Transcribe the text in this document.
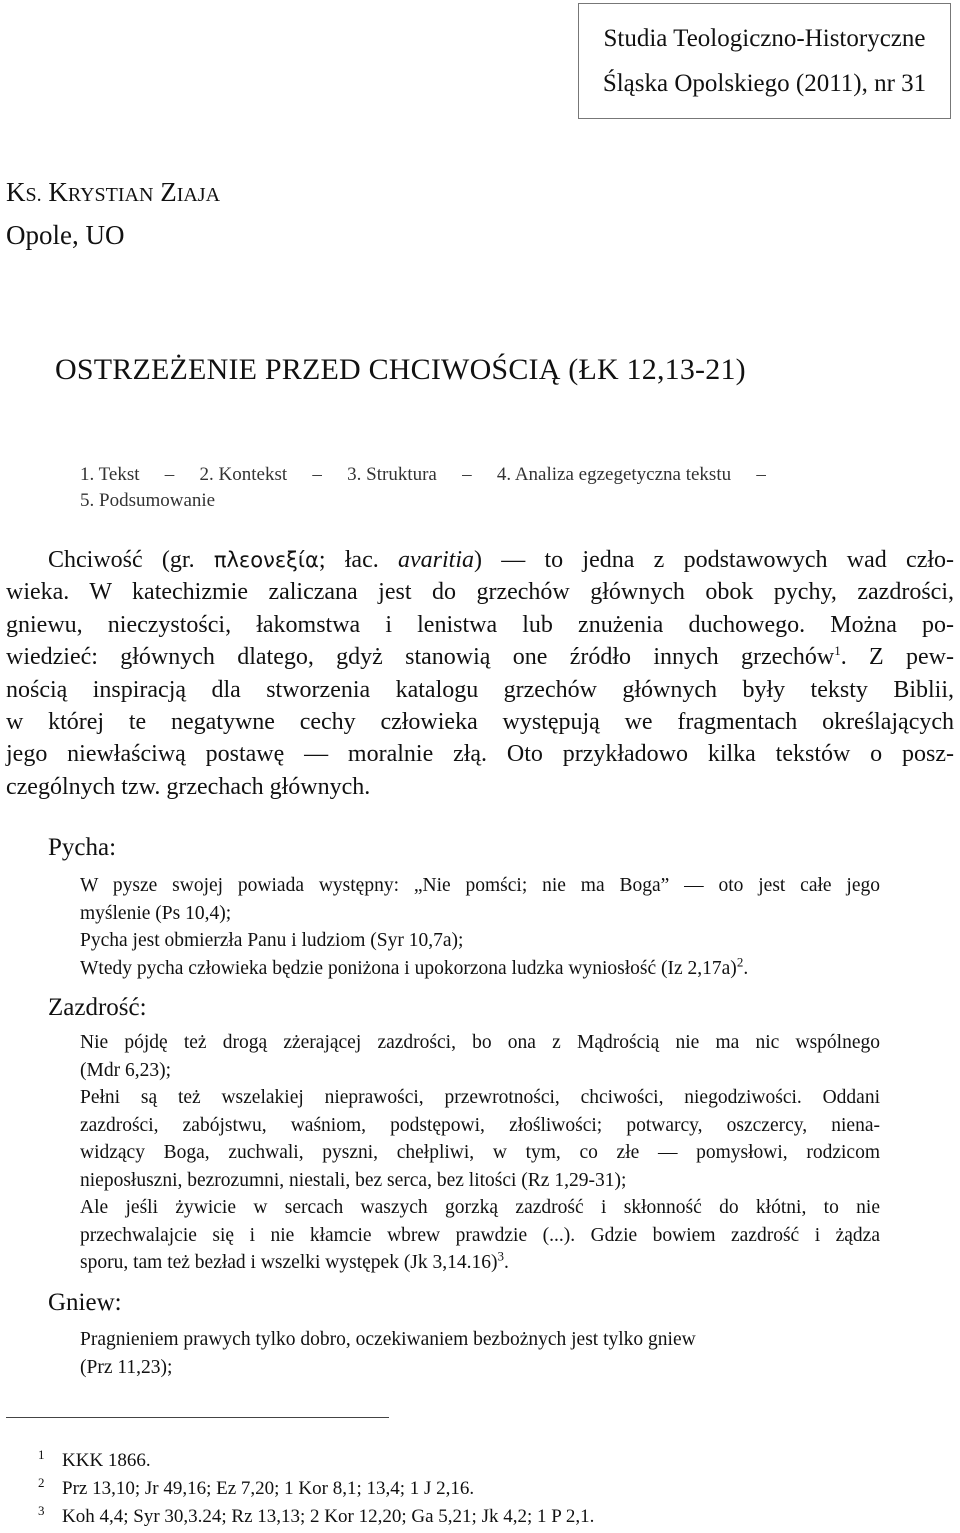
Studia Teologiczno-Historyczne
Śląska Opolskiego (2011), nr 31
KS. KRYSTIAN ZIAJA
Opole, UO
OSTRZEŻENIE PRZED CHCIWOŚCIĄ (ŁK 12,13-21)
1. Tekst – 2. Kontekst – 3. Struktura – 4. Analiza egzegetyczna tekstu –
5. Podsumowanie
Chciwość (gr. πλεονεξία; łac. avaritia) — to jedna z podstawowych wad czło-
wieka. W katechizmie zaliczana jest do grzechów głównych obok pychy, zazdrości,
gniewu, nieczystości, łakomstwa i lenistwa lub znużenia duchowego. Można po-
wiedzieć: głównych dlatego, gdyż stanowią one źródło innych grzechów$^1$. Z pew-
nością inspiracją dla stworzenia katalogu grzechów głównych były teksty Biblii,
w której te negatywne cechy człowieka występują we fragmentach określających
jego niewłaściwą postawę — moralnie złą. Oto przykładowo kilka tekstów o posz-
czególnych tzw. grzechach głównych.
Pycha:
W pysze swojej powiada występny: „Nie pomści; nie ma Boga” — oto jest całe jego
myślenie (Ps 10,4);
Pycha jest obmierzła Panu i ludziom (Syr 10,7a);
Wtedy pycha człowieka będzie poniżona i upokorzona ludzka wyniosłość (Iz 2,17a)$^2$.
Zazdrość:
Nie pójdę też drogą zżerającej zazdrości, bo ona z Mądrością nie ma nic wspólnego
(Mdr 6,23);
Pełni są też wszelakiej nieprawości, przewrotności, chciwości, niegodziwości. Oddani
zazdrości, zabójstwu, waśniom, podstępowi, złośliwości; potwarcy, oszczercy, niena-
widzący Boga, zuchwali, pyszni, chełpliwi, w tym, co złe — pomysłowi, rodzicom
nieposłuszni, bezrozumni, niestali, bez serca, bez litości (Rz 1,29-31);
Ale jeśli żywicie w sercach waszych gorzką zazdrość i skłonność do kłótni, to nie
przechwalajcie się i nie kłamcie wbrew prawdzie (...). Gdzie bowiem zazdrość i żądza
sporu, tam też bezład i wszelki występek (Jk 3,14.16)$^3$.
Gniew:
Pragnieniem prawych tylko dobro, oczekiwaniem bezbożnych jest tylko gniew
(Prz 11,23);
1 KKK 1866.
2 Prz 13,10; Jr 49,16; Ez 7,20; 1 Kor 8,1; 13,4; 1 J 2,16.
3 Koh 4,4; Syr 30,3.24; Rz 13,13; 2 Kor 12,20; Ga 5,21; Jk 4,2; 1 P 2,1.
